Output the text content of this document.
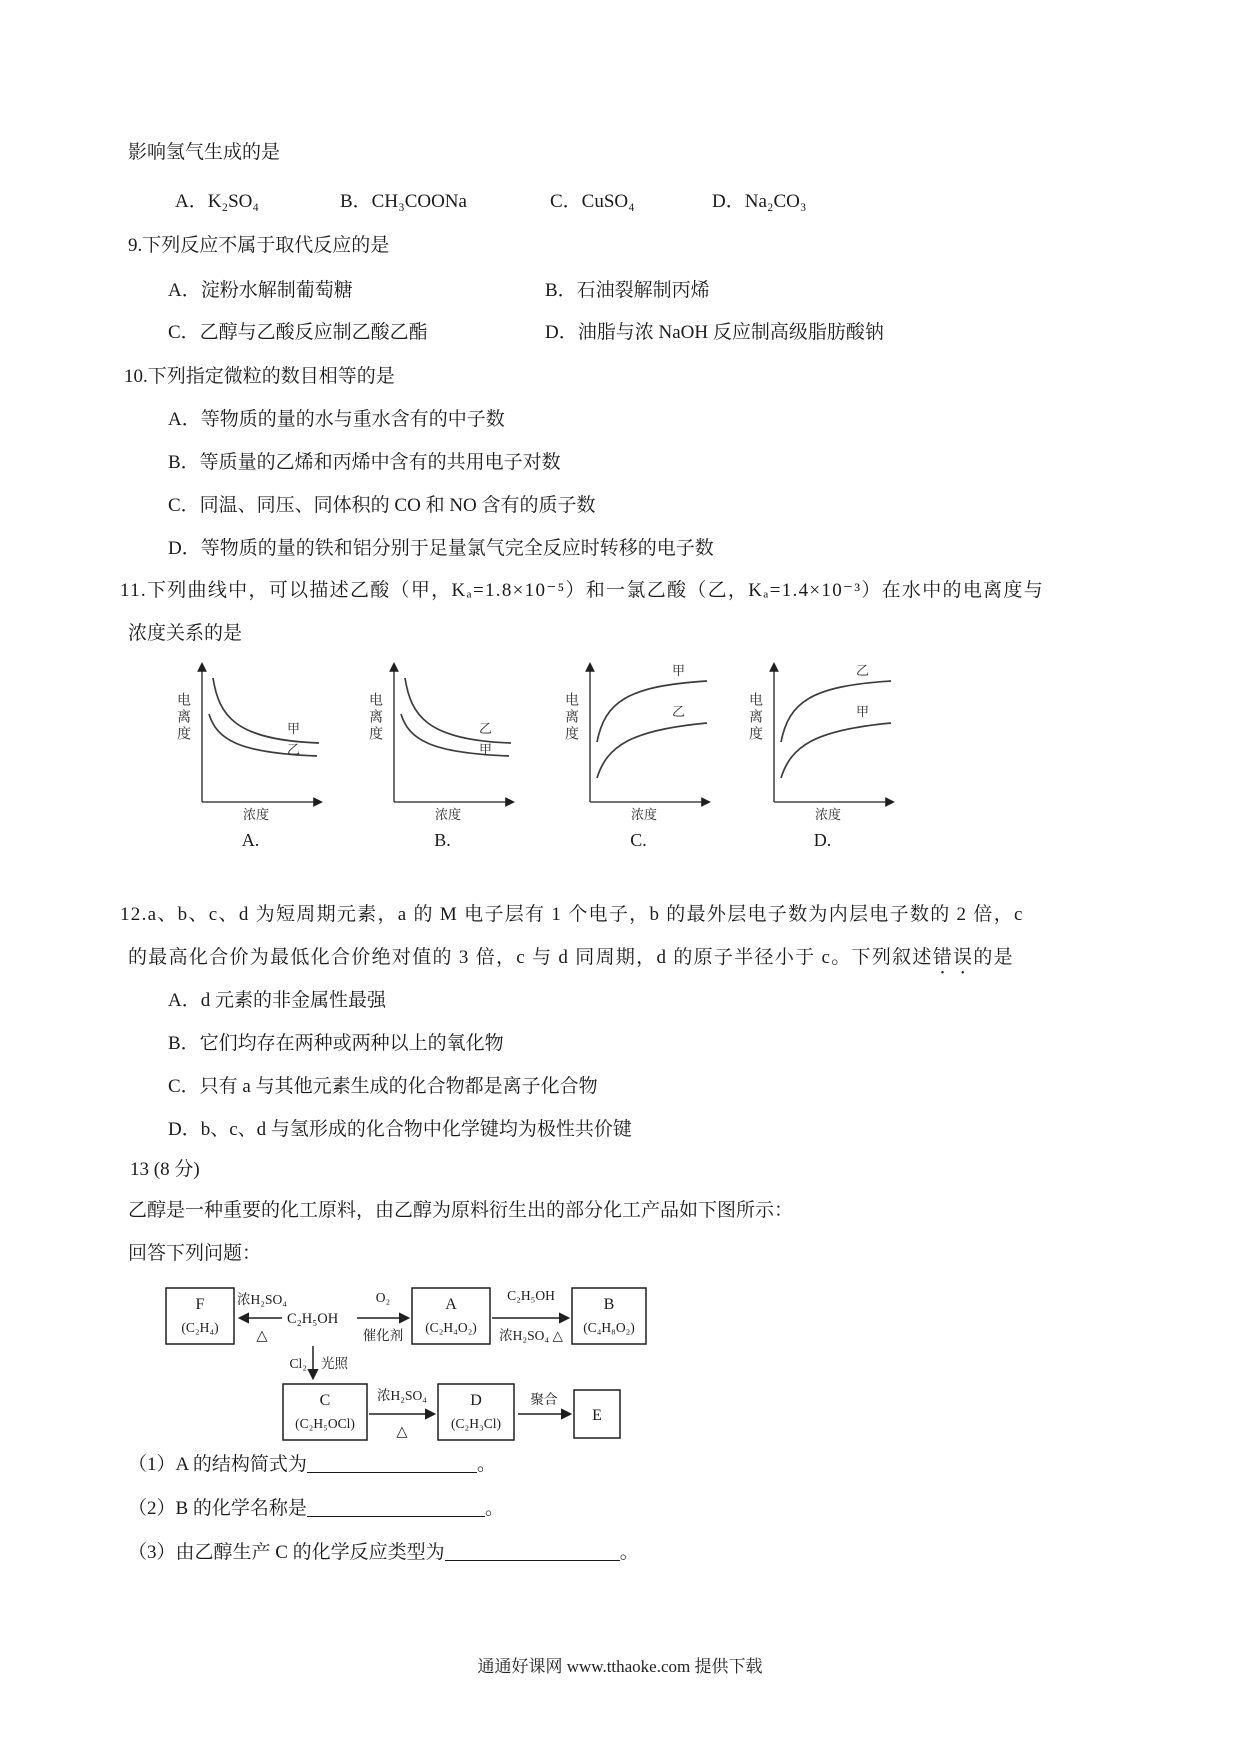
影响氢气生成的是
A．K₂SO₄	B．CH₃COONa	C．CuSO₄	D．Na₂CO₃
9.下列反应不属于取代反应的是
A．淀粉水解制葡萄糖	B．石油裂解制丙烯
C．乙醇与乙酸反应制乙酸乙酯	D．油脂与浓 NaOH 反应制高级脂肪酸钠
10.下列指定微粒的数目相等的是
A．等物质的量的水与重水含有的中子数
B．等质量的乙烯和丙烯中含有的共用电子对数
C．同温、同压、同体积的 CO 和 NO 含有的质子数
D．等物质的量的铁和铝分别于足量氯气完全反应时转移的电子数
11.下列曲线中，可以描述乙酸（甲，Kₐ=1.8×10⁻⁵）和一氯乙酸（乙，Kₐ=1.4×10⁻³）在水中的电离度与
浓度关系的是
甲
乙
浓度
电离度
A.
乙
甲
浓度
电离度
B.
甲
乙
浓度
电离度
C.
乙
甲
浓度
电离度
D.
12.a、b、c、d 为短周期元素，a 的 M 电子层有 1 个电子，b 的最外层电子数为内层电子数的 2 倍，c
的最高化合价为最低化合价绝对值的 3 倍，c 与 d 同周期，d 的原子半径小于 c。下列叙述错误的是
A．d 元素的非金属性最强
B．它们均存在两种或两种以上的氧化物
C．只有 a 与其他元素生成的化合物都是离子化合物
D．b、c、d 与氢形成的化合物中化学键均为极性共价键
13 (8 分)
乙醇是一种重要的化工原料，由乙醇为原料衍生出的部分化工产品如下图所示：
回答下列问题：
F
(C₂H₄)
浓H₂SO₄
△
C₂H₅OH
O₂
催化剂
A
(C₂H₄O₂)
C₂H₅OH
浓H₂SO₄ △
B
(C₄H₈O₂)
Cl₂ 光照
C
(C₂H₅OCl)
浓H₂SO₄
△
D
(C₂H₃Cl)
聚合
E
（1）A 的结构简式为	。
（2）B 的化学名称是	。
（3）由乙醇生产 C 的化学反应类型为	。
通通好课网 www.tthaoke.com 提供下载
